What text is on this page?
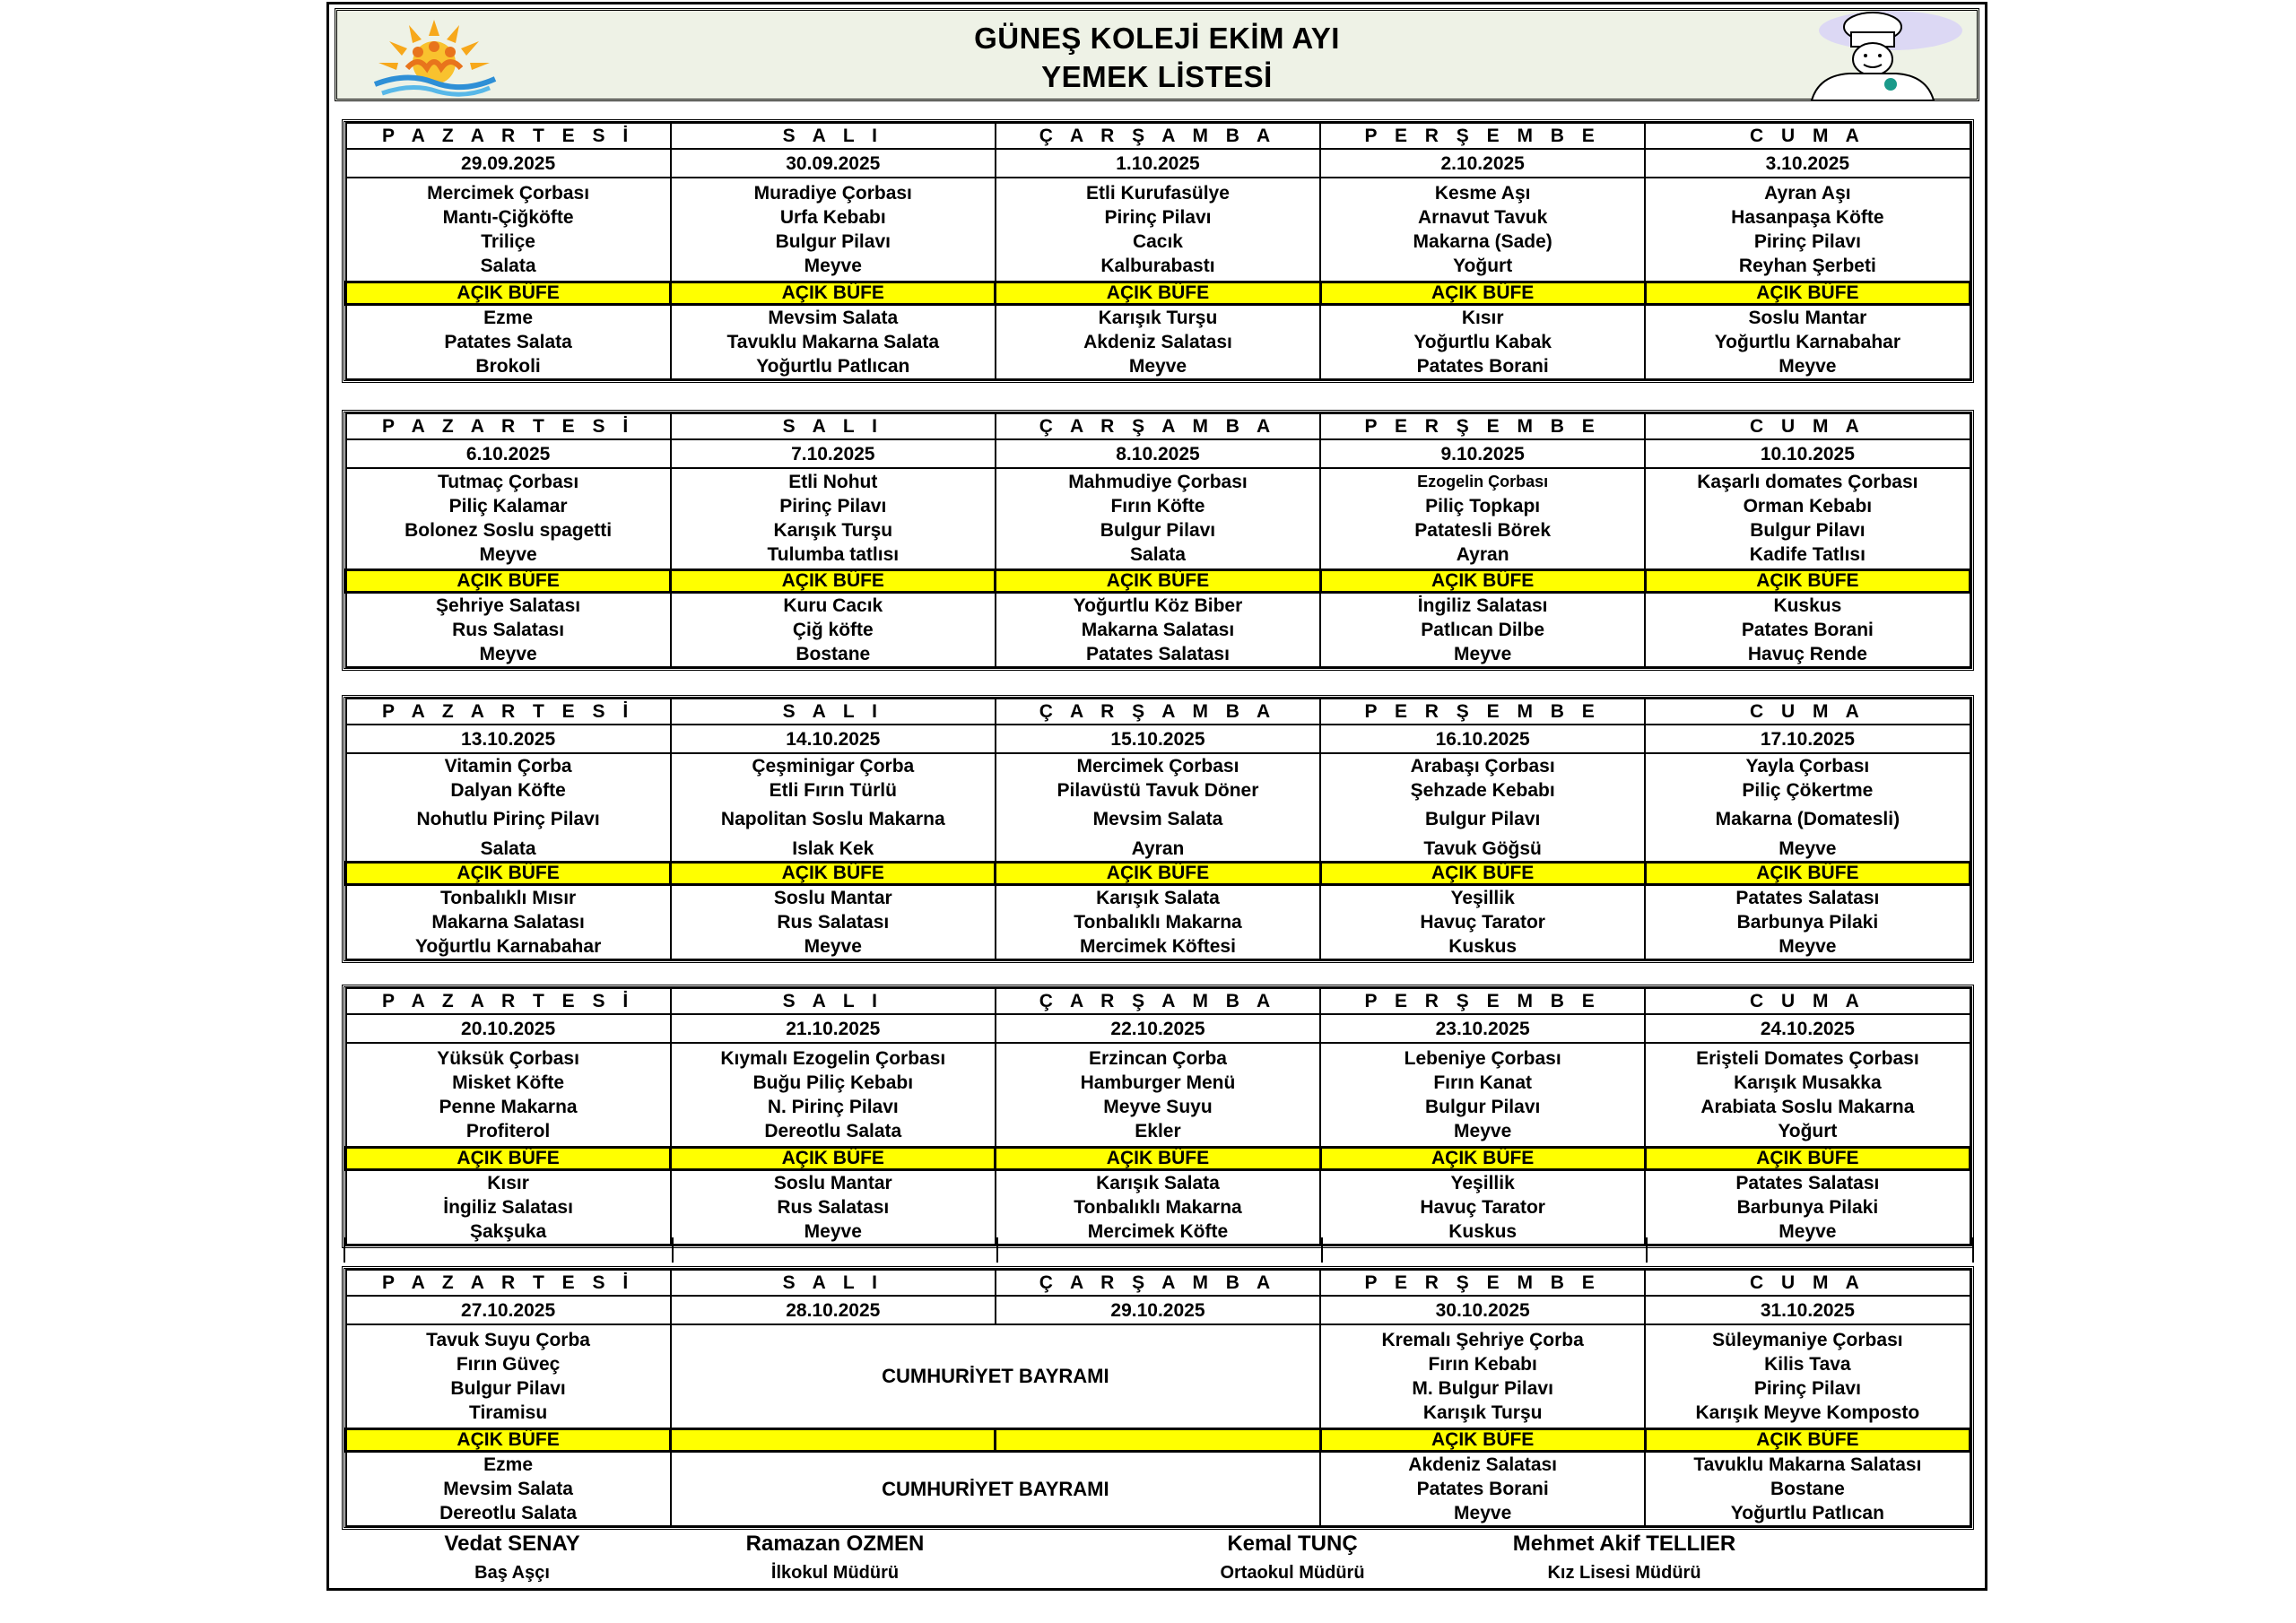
GÜNEŞ KOLEJİ EKİM AYI
YEMEK LİSTESİ
P A Z A R T E S İ	S A L I	Ç A R Ş A M B A	P E R Ş E M B E	C U M A
29.09.2025	30.09.2025	1.10.2025	2.10.2025	3.10.2025

Mercimek Çorbası
Mantı-Çiğköfte
Triliçe
Salata	Muradiye Çorbası
Urfa Kebabı
Bulgur Pilavı
Meyve	Etli Kurufasülye
Pirinç Pilavı
Cacık
Kalburabastı	Kesme Aşı
Arnavut Tavuk
Makarna (Sade)
Yoğurt	Ayran Aşı
Hasanpaşa Köfte
Pirinç Pilavı
Reyhan Şerbeti

AÇIK BÜFE	AÇIK BÜFE	AÇIK BÜFE	AÇIK BÜFE	AÇIK BÜFE

Ezme
Patates Salata
Brokoli	Mevsim Salata
Tavuklu Makarna Salata
Yoğurtlu Patlıcan	Karışık Turşu
Akdeniz Salatası
Meyve	Kısır
Yoğurtlu Kabak
Patates Borani	Soslu Mantar
Yoğurtlu Karnabahar
Meyve
P A Z A R T E S İ	S A L I	Ç A R Ş A M B A	P E R Ş E M B E	C U M A
6.10.2025	7.10.2025	8.10.2025	9.10.2025	10.10.2025

Tutmaç Çorbası
Piliç Kalamar
Bolonez Soslu spagetti
Meyve	Etli Nohut
Pirinç Pilavı
Karışık Turşu
Tulumba tatlısı	Mahmudiye Çorbası
Fırın Köfte
Bulgur Pilavı
Salata	Ezogelin Çorbası
Piliç Topkapı
Patatesli Börek
Ayran	Kaşarlı domates Çorbası
Orman Kebabı
Bulgur Pilavı
Kadife Tatlısı

AÇIK BÜFE	AÇIK BÜFE	AÇIK BÜFE	AÇIK BÜFE	AÇIK BÜFE

Şehriye Salatası
Rus Salatası
Meyve	Kuru Cacık
Çiğ köfte
Bostane	Yoğurtlu Köz Biber
Makarna Salatası
Patates Salatası	İngiliz Salatası
Patlıcan Dilbe
Meyve	Kuskus
Patates Borani
Havuç Rende
P A Z A R T E S İ	S A L I	Ç A R Ş A M B A	P E R Ş E M B E	C U M A
13.10.2025	14.10.2025	15.10.2025	16.10.2025	17.10.2025

Vitamin Çorba
Dalyan Köfte
Nohutlu Pirinç Pilavı
Salata	Çeşminigar Çorba
Etli Fırın Türlü
Napolitan Soslu Makarna
Islak Kek	Mercimek Çorbası
Pilavüstü Tavuk Döner
Mevsim Salata
Ayran	Arabaşı Çorbası
Şehzade Kebabı
Bulgur Pilavı
Tavuk Göğsü	Yayla Çorbası
Piliç Çökertme
Makarna (Domatesli)
Meyve

AÇIK BÜFE	AÇIK BÜFE	AÇIK BÜFE	AÇIK BÜFE	AÇIK BÜFE

Tonbalıklı Mısır
Makarna Salatası
Yoğurtlu Karnabahar	Soslu Mantar
Rus Salatası
Meyve	Karışık Salata
Tonbalıklı Makarna
Mercimek Köftesi	Yeşillik
Havuç Tarator
Kuskus	Patates Salatası
Barbunya Pilaki
Meyve
P A Z A R T E S İ	S A L I	Ç A R Ş A M B A	P E R Ş E M B E	C U M A
20.10.2025	21.10.2025	22.10.2025	23.10.2025	24.10.2025

Yüksük Çorbası
Misket Köfte
Penne Makarna
Profiterol	Kıymalı Ezogelin Çorbası
Buğu Piliç Kebabı
N. Pirinç Pilavı
Dereotlu Salata	Erzincan Çorba
Hamburger Menü
Meyve Suyu
Ekler	Lebeniye Çorbası
Fırın Kanat
Bulgur Pilavı
Meyve	Erişteli Domates Çorbası
Karışık Musakka
Arabiata Soslu Makarna
Yoğurt

AÇIK BÜFE	AÇIK BÜFE	AÇIK BÜFE	AÇIK BÜFE	AÇIK BÜFE

Kısır
İngiliz Salatası
Şakşuka	Soslu Mantar
Rus Salatası
Meyve	Karışık Salata
Tonbalıklı Makarna
Mercimek Köfte	Yeşillik
Havuç Tarator
Kuskus	Patates Salatası
Barbunya Pilaki
Meyve
P A Z A R T E S İ	S A L I	Ç A R Ş A M B A	P E R Ş E M B E	C U M A
27.10.2025	28.10.2025	29.10.2025	30.10.2025	31.10.2025

Tavuk Suyu Çorba
Fırın Güveç
Bulgur Pilavı
Tiramisu	CUMHURİYET BAYRAMI		Kremalı Şehriye Çorba
Fırın Kebabı
M. Bulgur Pilavı
Karışık Turşu	Süleymaniye Çorbası
Kilis Tava
Pirinç Pilavı
Karışık Meyve Komposto

AÇIK BÜFE			AÇIK BÜFE	AÇIK BÜFE

Ezme
Mevsim Salata
Dereotlu Salata	CUMHURİYET BAYRAMI		Akdeniz Salatası
Patates Borani
Meyve	Tavuklu Makarna Salatası
Bostane
Yoğurtlu Patlıcan
Vedat SENAY
Baş Aşçı
Ramazan OZMEN
İlkokul Müdürü
Kemal TUNÇ
Ortaokul Müdürü
Mehmet Akif TELLIER
Kız Lisesi Müdürü
